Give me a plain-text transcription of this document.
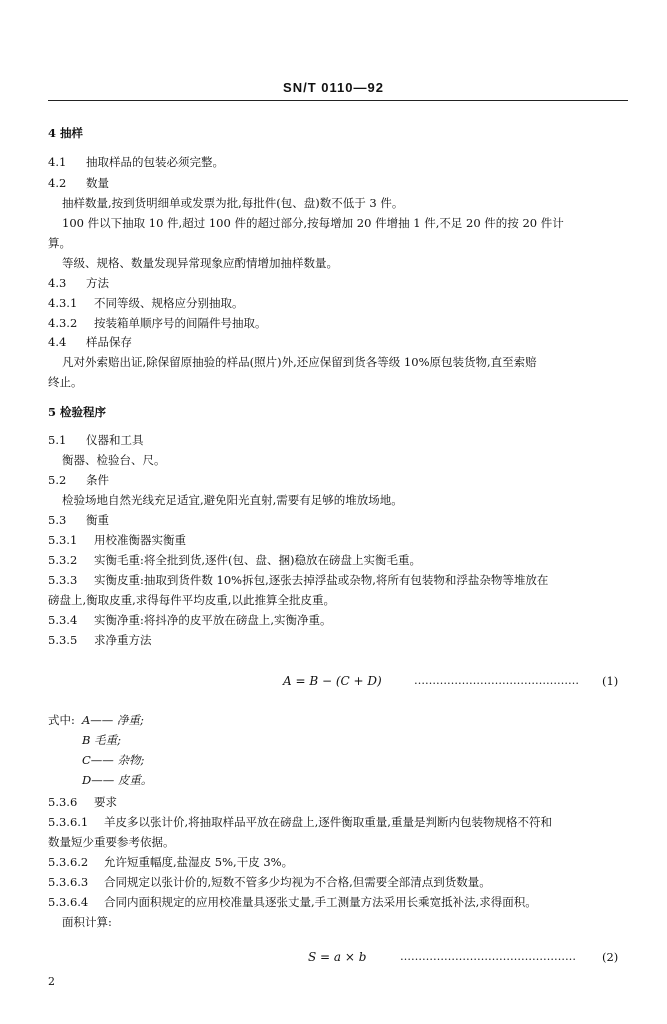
SN/T 0110—92
4 抽样
4.1 抽取样品的包装必须完整。
4.2 数量
抽样数量,按到货明细单或发票为批,每批件(包、盘)数不低于 3 件。
100 件以下抽取 10 件,超过 100 件的超过部分,按每增加 20 件增抽 1 件,不足 20 件的按 20 件计
算。
等级、规格、数量发现异常现象应酌情增加抽样数量。
4.3 方法
4.3.1 不同等级、规格应分别抽取。
4.3.2 按装箱单顺序号的间隔件号抽取。
4.4 样品保存
凡对外索赔出证,除保留原抽验的样品(照片)外,还应保留到货各等级 10%原包装货物,直至索赔
终止。
5 检验程序
5.1 仪器和工具
衡器、检验台、尺。
5.2 条件
检验场地自然光线充足适宜,避免阳光直射,需要有足够的堆放场地。
5.3 衡重
5.3.1 用校准衡器实衡重
5.3.2 实衡毛重:将全批到货,逐件(包、盘、捆)稳放在磅盘上实衡毛重。
5.3.3 实衡皮重:抽取到货件数 10%拆包,逐张去掉浮盐或杂物,将所有包装物和浮盐杂物等堆放在
磅盘上,衡取皮重,求得每件平均皮重,以此推算全批皮重。
5.3.4 实衡净重:将抖净的皮平放在磅盘上,实衡净重。
5.3.5 求净重方法
A = B − (C + D)	……………………………………… (1)
式中: A—— 净重;
B 毛重;
C—— 杂物;
D—— 皮重。
5.3.6 要求
5.3.6.1 羊皮多以张计价,将抽取样品平放在磅盘上,逐件衡取重量,重量是判断内包装物规格不符和
数量短少重要参考依据。
5.3.6.2 允许短重幅度,盐湿皮 5%,干皮 3%。
5.3.6.3 合同规定以张计价的,短数不管多少均视为不合格,但需要全部清点到货数量。
5.3.6.4 合同内面积规定的应用校准量具逐张丈量,手工测量方法采用长乘宽抵补法,求得面积。
面积计算:
S = a × b	………………………………………… (2)
2
